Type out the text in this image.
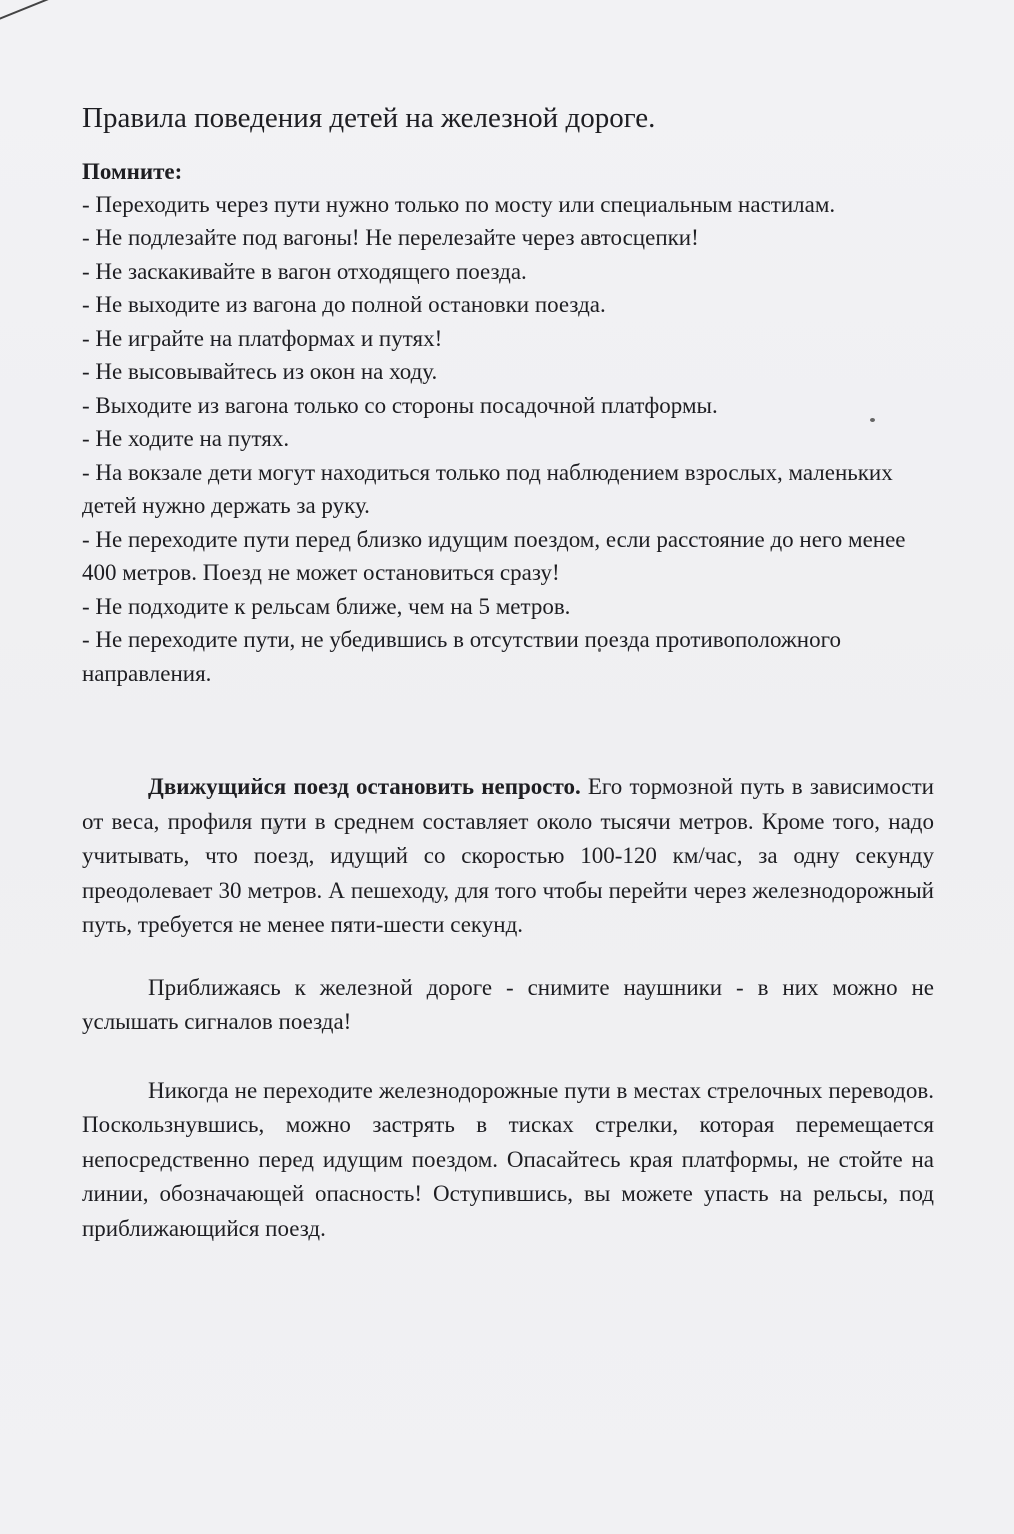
Правила поведения детей на железной дороге.

Помните:

- Переходить через пути нужно только по мосту или специальным настилам.
- Не подлезайте под вагоны! Не перелезайте через автосцепки!
- Не заскакивайте в вагон отходящего поезда.
- Не выходите из вагона до полной остановки поезда.
- Не играйте на платформах и путях!
- Не высовывайтесь из окон на ходу.
- Выходите из вагона только со стороны посадочной платформы.
- Не ходите на путях.
- На вокзале дети могут находиться только под наблюдением взрослых, маленьких детей нужно держать за руку.
- Не переходите пути перед близко идущим поездом, если расстояние до него менее 400 метров. Поезд не может остановиться сразу!
- Не подходите к рельсам ближе, чем на 5 метров.
- Не переходите пути, не убедившись в отсутствии поезда противоположного направления.

Движущийся поезд остановить непросто. Его тормозной путь в зависимости от веса, профиля пути в среднем составляет около тысячи метров. Кроме того, надо учитывать, что поезд, идущий со скоростью 100-120 км/час, за одну секунду преодолевает 30 метров. А пешеходу, для того чтобы перейти через железнодорожный путь, требуется не менее пяти-шести секунд.

Приближаясь к железной дороге - снимите наушники - в них можно не услышать сигналов поезда!

Никогда не переходите железнодорожные пути в местах стрелочных переводов. Поскользнувшись, можно застрять в тисках стрелки, которая перемещается непосредственно перед идущим поездом. Опасайтесь края платформы, не стойте на линии, обозначающей опасность! Оступившись, вы можете упасть на рельсы, под приближающийся поезд.
